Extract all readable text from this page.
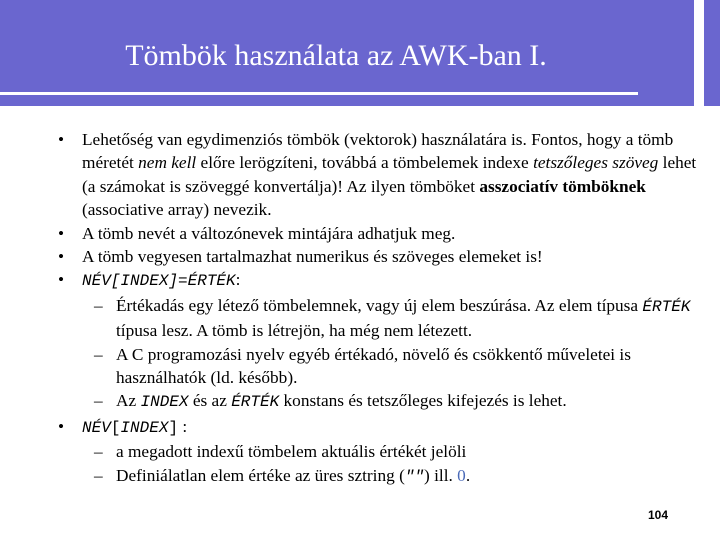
Tömbök használata az AWK-ban I.
• Lehetőség van egydimenziós tömbök (vektorok) használatára is. Fontos, hogy a tömb méretét nem kell előre lerögzíteni, továbbá a tömbelemek indexe tetszőleges szöveg lehet (a számokat is szöveggé konvertálja)! Az ilyen tömböket asszociatív tömböknek (associative array) nevezik.
• A tömb nevét a változónevek mintájára adhatjuk meg.
• A tömb vegyesen tartalmazhat numerikus és szöveges elemeket is!
• NÉV[INDEX]=ÉRTÉK:
– Értékadás egy létező tömbelemnek, vagy új elem beszúrása. Az elem típusa ÉRTÉK típusa lesz. A tömb is létrejön, ha még nem létezett.
– A C programozási nyelv egyéb értékadó, növelő és csökkentő műveletei is használhatók (ld. később).
– Az INDEX és az ÉRTÉK konstans és tetszőleges kifejezés is lehet.
• NÉV[INDEX] :
– a megadott indexű tömbelem aktuális értékét jelöli
– Definiálatlan elem értéke az üres sztring ("") ill. 0.
104
